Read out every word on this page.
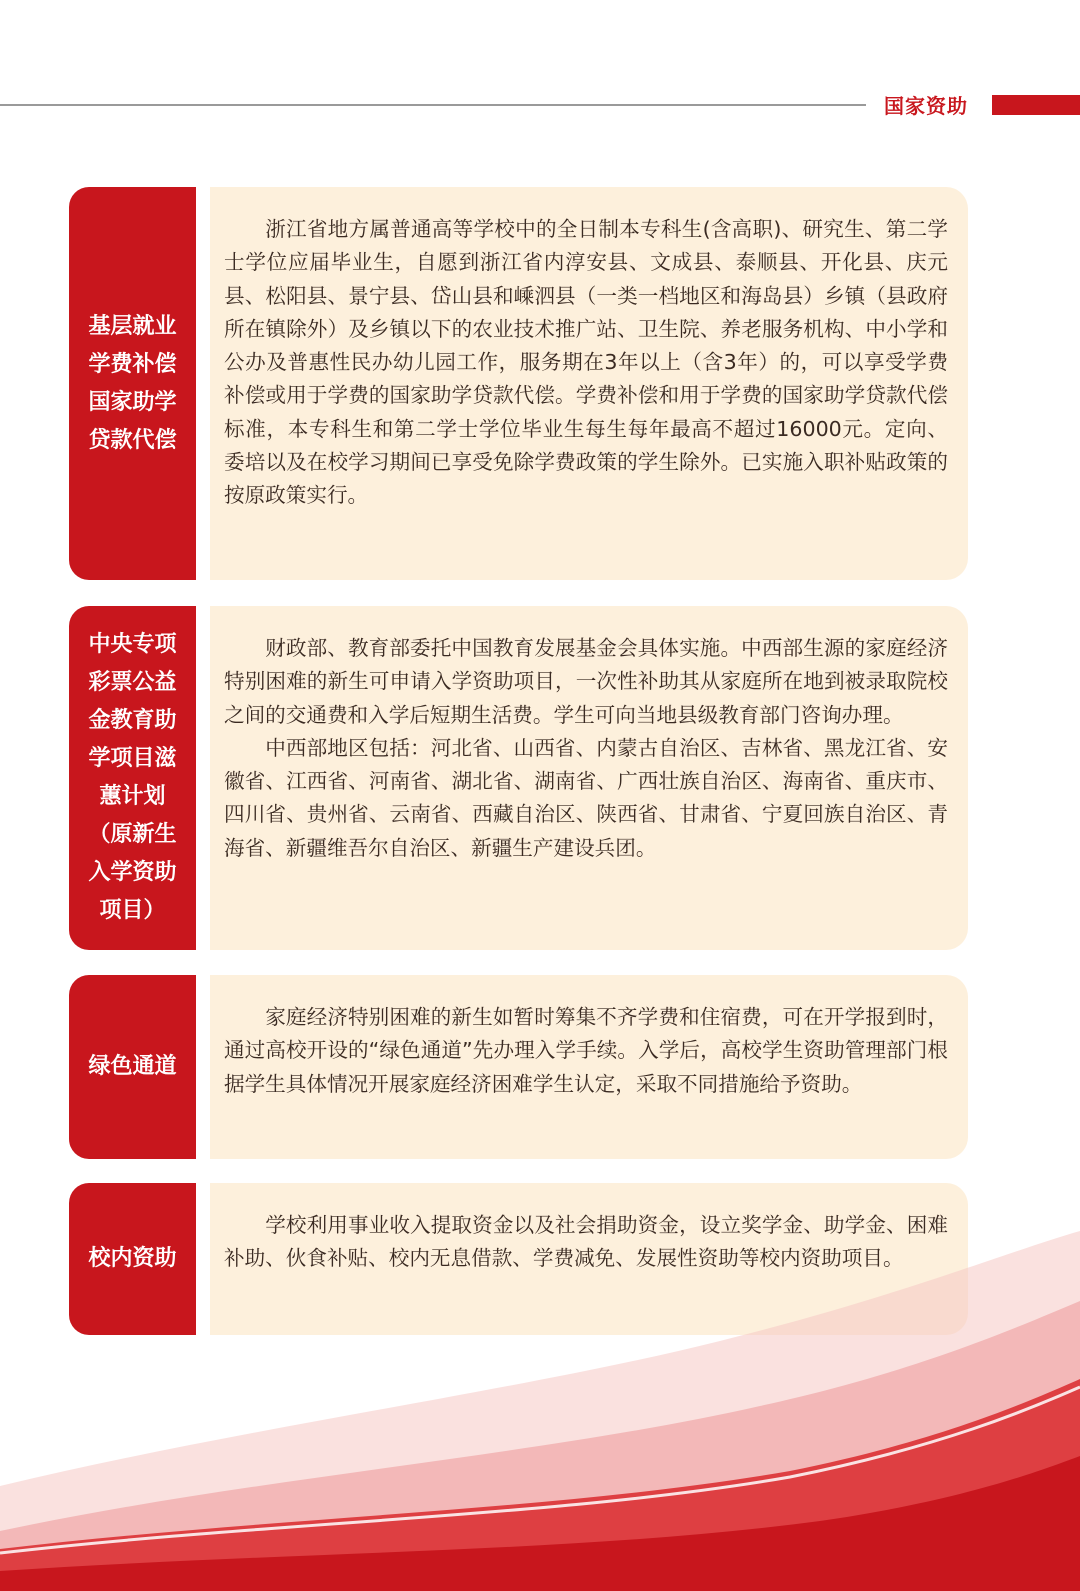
国家资助
基层就业学费补偿国家助学贷款代偿

浙江省地方属普通高等学校中的全日制本专科生(含高职)、研究生、第二学士学位应届毕业生，自愿到浙江省内淳安县、文成县、泰顺县、开化县、庆元县、松阳县、景宁县、岱山县和嵊泗县（一类一档地区和海岛县）乡镇（县政府所在镇除外）及乡镇以下的农业技术推广站、卫生院、养老服务机构、中小学和公办及普惠性民办幼儿园工作，服务期在3年以上（含3年）的，可以享受学费补偿或用于学费的国家助学贷款代偿。学费补偿和用于学费的国家助学贷款代偿标准，本专科生和第二学士学位毕业生每生每年最高不超过16000元。定向、委培以及在校学习期间已享受免除学费政策的学生除外。已实施入职补贴政策的按原政策实行。

中央专项彩票公益金教育助学项目滋蕙计划（原新生入学资助项目）

财政部、教育部委托中国教育发展基金会具体实施。中西部生源的家庭经济特别困难的新生可申请入学资助项目，一次性补助其从家庭所在地到被录取院校之间的交通费和入学后短期生活费。学生可向当地县级教育部门咨询办理。

中西部地区包括：河北省、山西省、内蒙古自治区、吉林省、黑龙江省、安徽省、江西省、河南省、湖北省、湖南省、广西壮族自治区、海南省、重庆市、四川省、贵州省、云南省、西藏自治区、陕西省、甘肃省、宁夏回族自治区、青海省、新疆维吾尔自治区、新疆生产建设兵团。

绿色通道

家庭经济特别困难的新生如暂时筹集不齐学费和住宿费，可在开学报到时，通过高校开设的“绿色通道”先办理入学手续。入学后，高校学生资助管理部门根据学生具体情况开展家庭经济困难学生认定，采取不同措施给予资助。

校内资助

学校利用事业收入提取资金以及社会捐助资金，设立奖学金、助学金、困难补助、伙食补贴、校内无息借款、学费减免、发展性资助等校内资助项目。
